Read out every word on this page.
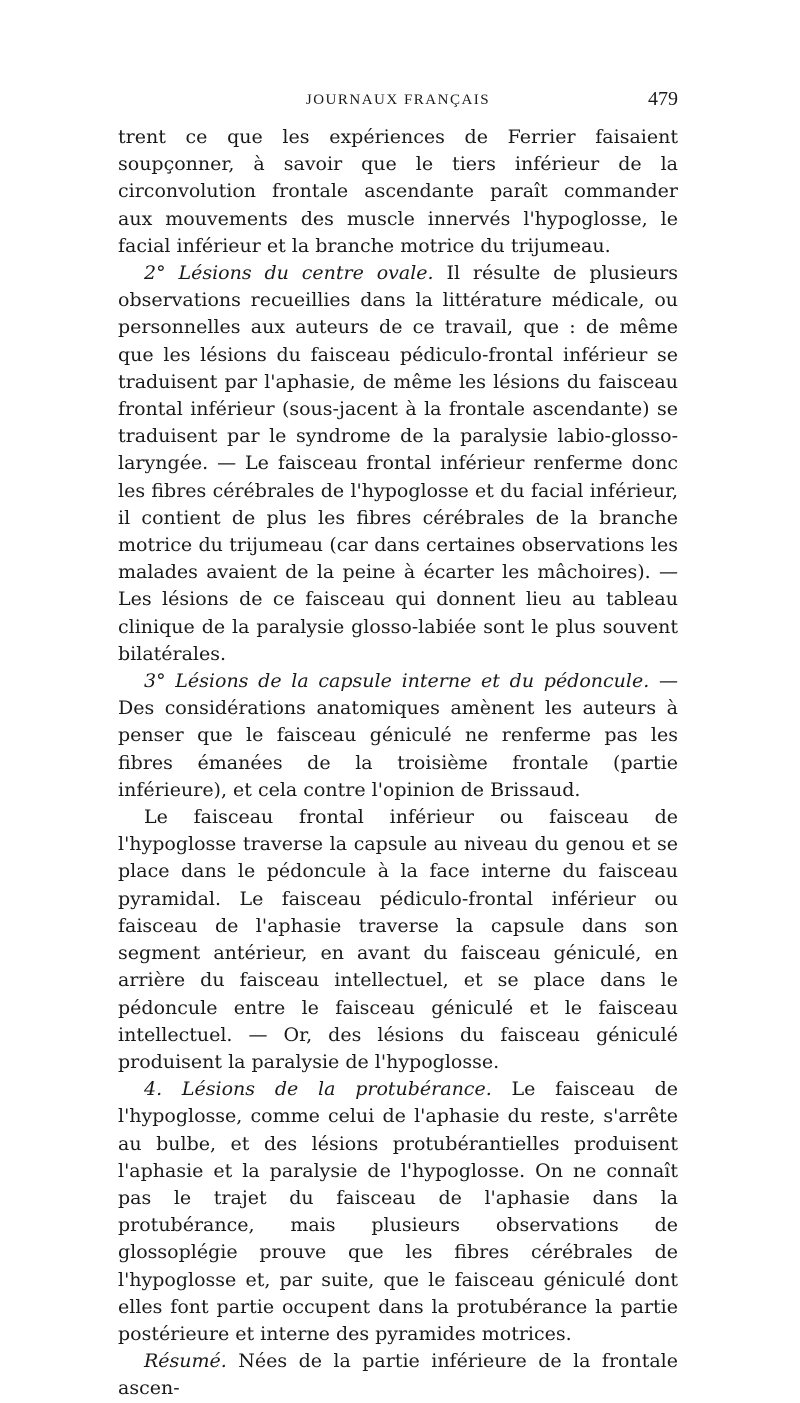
JOURNAUX FRANÇAIS	479

trent ce que les expériences de Ferrier faisaient soupçonner, à savoir que le tiers inférieur de la circonvolution frontale ascendante paraît commander aux mouvements des muscle innervés l'hypoglosse, le facial inférieur et la branche motrice du trijumeau.

2° Lésions du centre ovale. Il résulte de plusieurs observations recueillies dans la littérature médicale, ou personnelles aux auteurs de ce travail, que : de même que les lésions du faisceau pédiculo-frontal inférieur se traduisent par l'aphasie, de même les lésions du faisceau frontal inférieur (sous-jacent à la frontale ascendante) se traduisent par le syndrome de la paralysie labio-glosso-laryngée. — Le faisceau frontal inférieur renferme donc les fibres cérébrales de l'hypoglosse et du facial inférieur, il contient de plus les fibres cérébrales de la branche motrice du trijumeau (car dans certaines observations les malades avaient de la peine à écarter les mâchoires). — Les lésions de ce faisceau qui donnent lieu au tableau clinique de la paralysie glosso-labiée sont le plus souvent bilatérales.

3° Lésions de la capsule interne et du pédoncule. — Des considérations anatomiques amènent les auteurs à penser que le faisceau géniculé ne renferme pas les fibres émanées de la troisième frontale (partie inférieure), et cela contre l'opinion de Brissaud.

Le faisceau frontal inférieur ou faisceau de l'hypoglosse traverse la capsule au niveau du genou et se place dans le pédoncule à la face interne du faisceau pyramidal. Le faisceau pédiculo-frontal inférieur ou faisceau de l'aphasie traverse la capsule dans son segment antérieur, en avant du faisceau géniculé, en arrière du faisceau intellectuel, et se place dans le pédoncule entre le faisceau géniculé et le faisceau intellectuel. — Or, des lésions du faisceau géniculé produisent la paralysie de l'hypoglosse.

4. Lésions de la protubérance. Le faisceau de l'hypoglosse, comme celui de l'aphasie du reste, s'arrête au bulbe, et des lésions protubérantielles produisent l'aphasie et la paralysie de l'hypoglosse. On ne connaît pas le trajet du faisceau de l'aphasie dans la protubérance, mais plusieurs observations de glossoplégie prouve que les fibres cérébrales de l'hypoglosse et, par suite, que le faisceau géniculé dont elles font partie occupent dans la protubérance la partie postérieure et interne des pyramides motrices.

Résumé. Nées de la partie inférieure de la frontale ascen-
